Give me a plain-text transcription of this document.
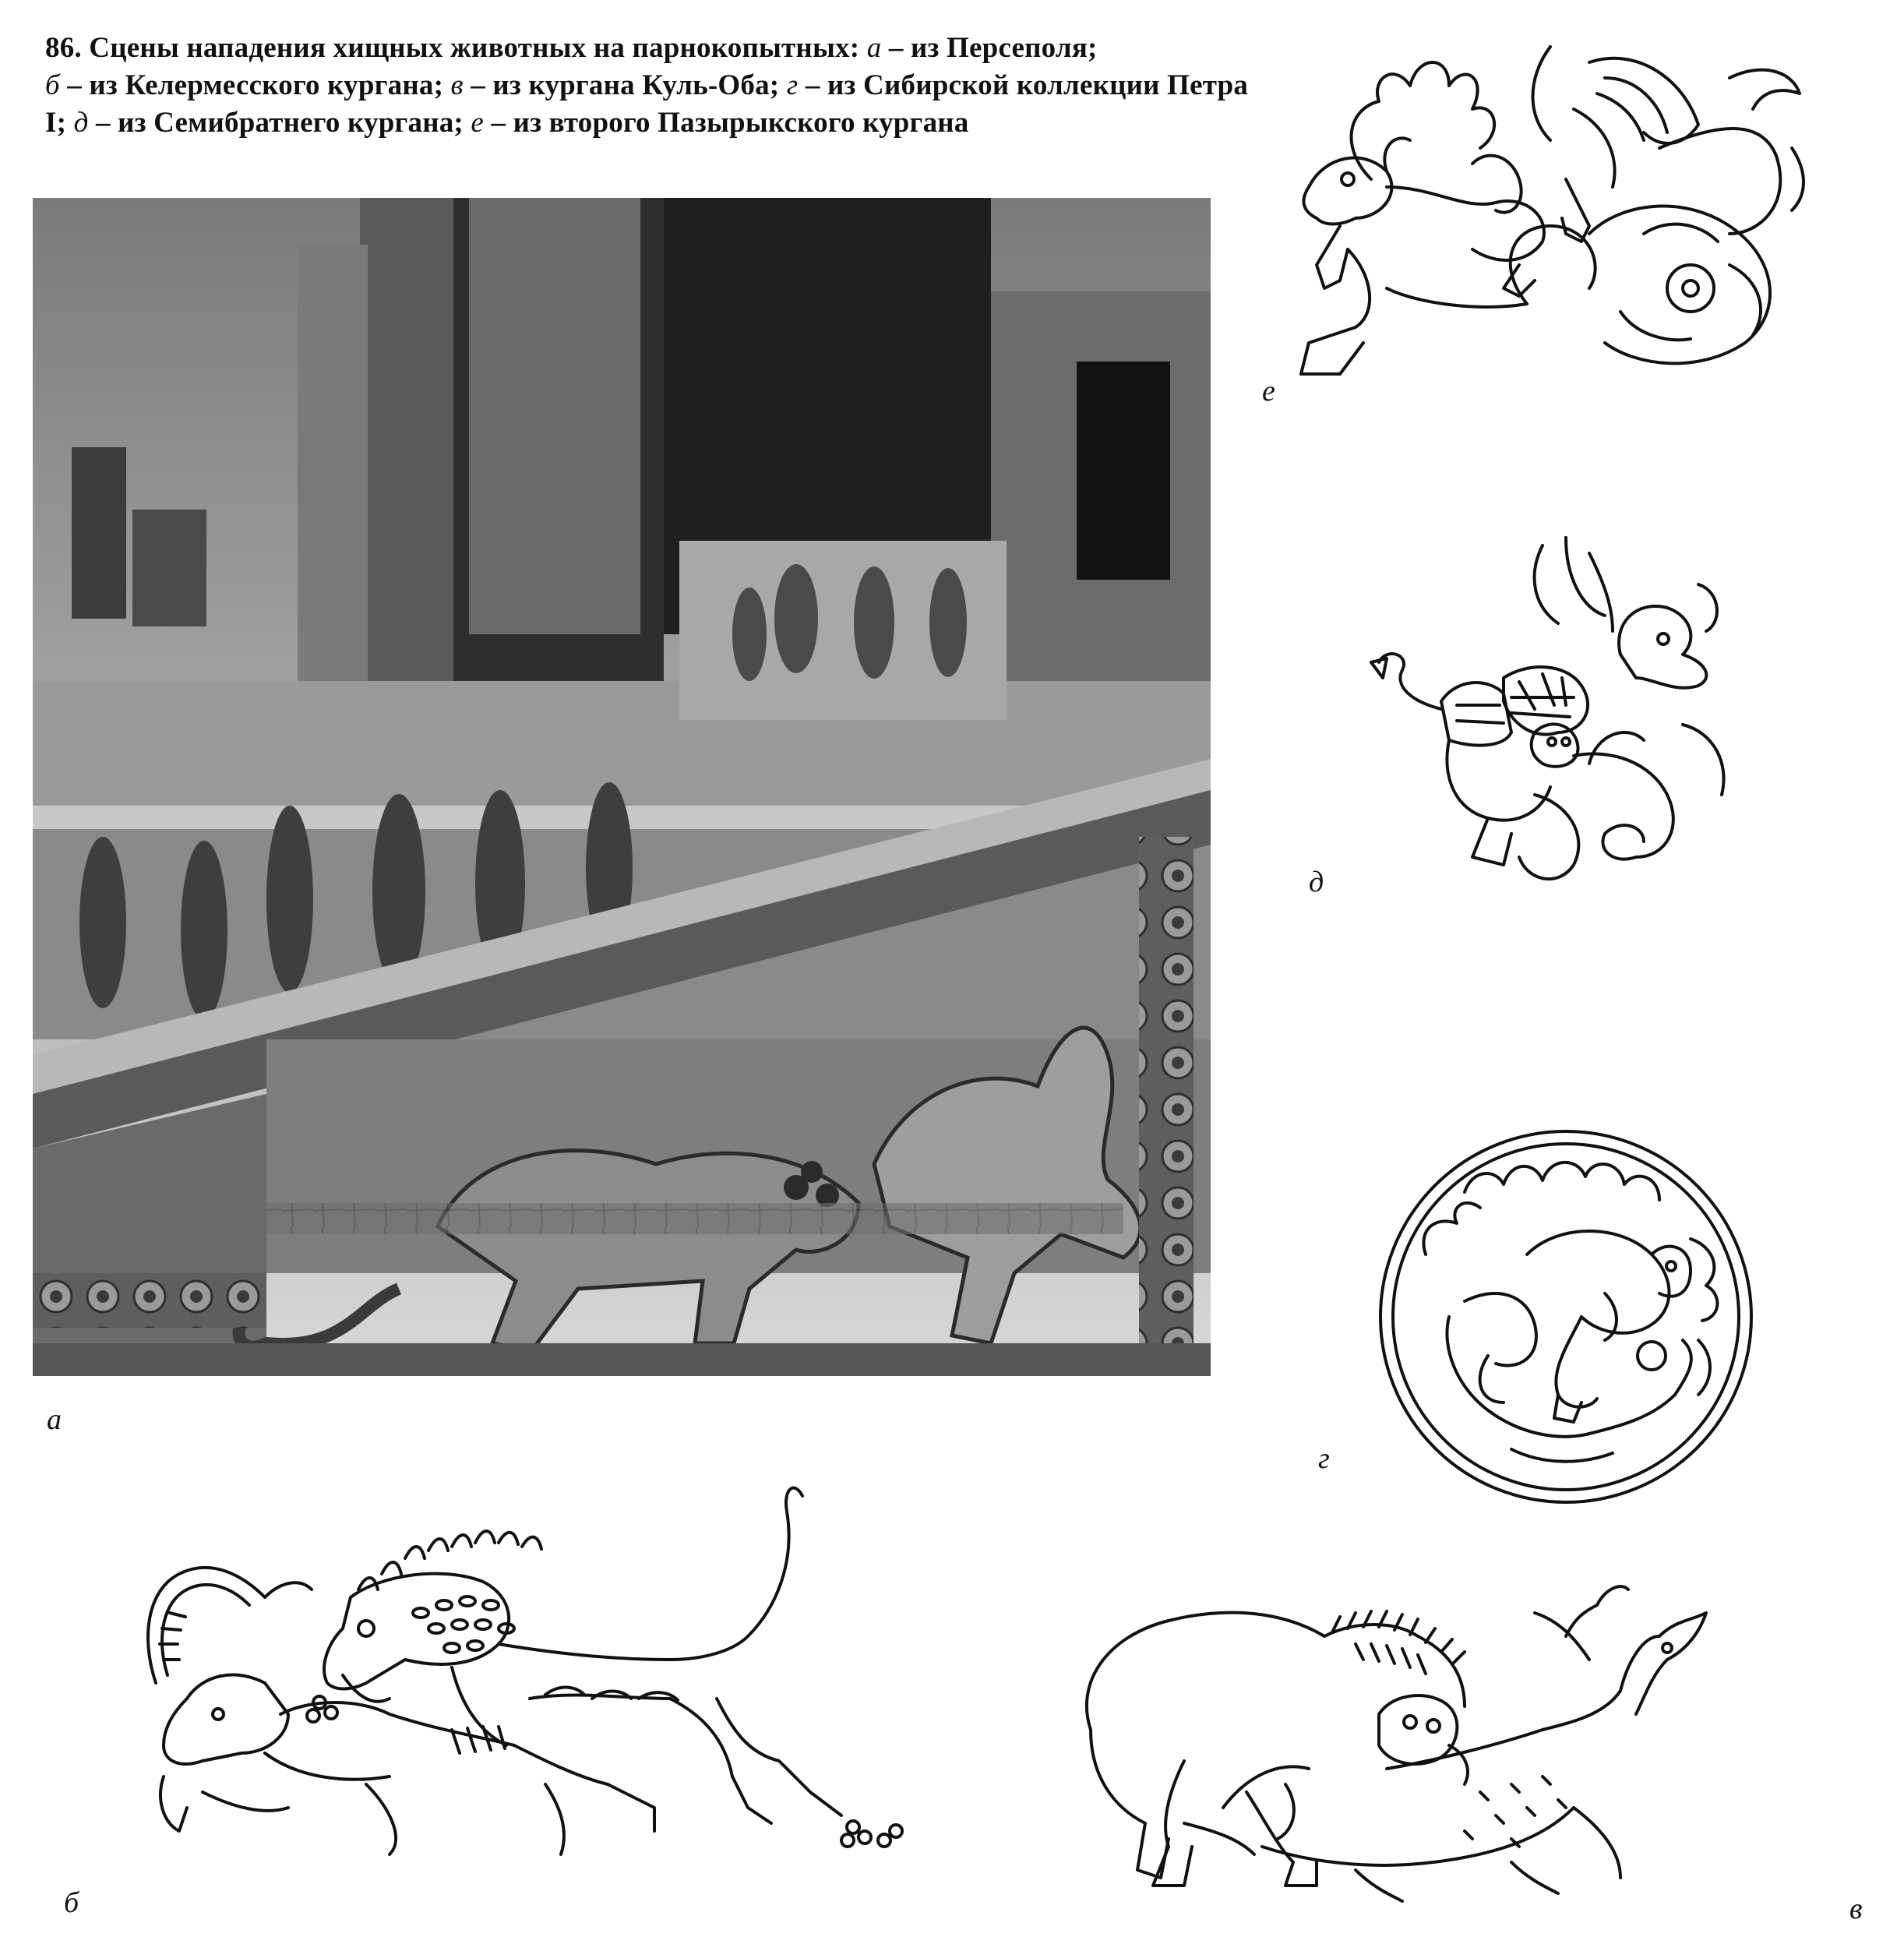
86. Сцены нападения хищных животных на парнокопытных: а – из Персеполя;
б – из Келермесского кургана; в – из кургана Куль-Оба; г – из Сибирской коллекции Петра I; д – из Семибратнего кургана; е – из второго Пазырыкского кургана
а
е
д
г
б	в
